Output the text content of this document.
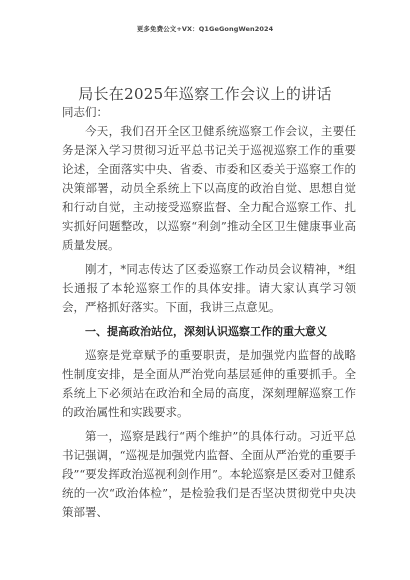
更多免费公文+VX：Q1GeGongWen2024
局长在2025年巡察工作会议上的讲话
同志们：

今天，我们召开全区卫健系统巡察工作会议，主要任务是深入学习贯彻习近平总书记关于巡视巡察工作的重要论述，全面落实中央、省委、市委和区委关于巡察工作的决策部署，动员全系统上下以高度的政治自觉、思想自觉和行动自觉，主动接受巡察监督、全力配合巡察工作、扎实抓好问题整改，以巡察“利剑”推动全区卫生健康事业高质量发展。

刚才，*同志传达了区委巡察工作动员会议精神，*组长通报了本轮巡察工作的具体安排。请大家认真学习领会，严格抓好落实。下面，我讲三点意见。

一、提高政治站位，深刻认识巡察工作的重大意义

巡察是党章赋予的重要职责，是加强党内监督的战略性制度安排，是全面从严治党向基层延伸的重要抓手。全系统上下必须站在政治和全局的高度，深刻理解巡察工作的政治属性和实践要求。

第一，巡察是践行“两个维护”的具体行动。习近平总书记强调，“巡视是加强党内监督、全面从严治党的重要手段”“要发挥政治巡视利剑作用”。本轮巡察是区委对卫健系统的一次“政治体检”，是检验我们是否坚决贯彻党中央决策部署、
